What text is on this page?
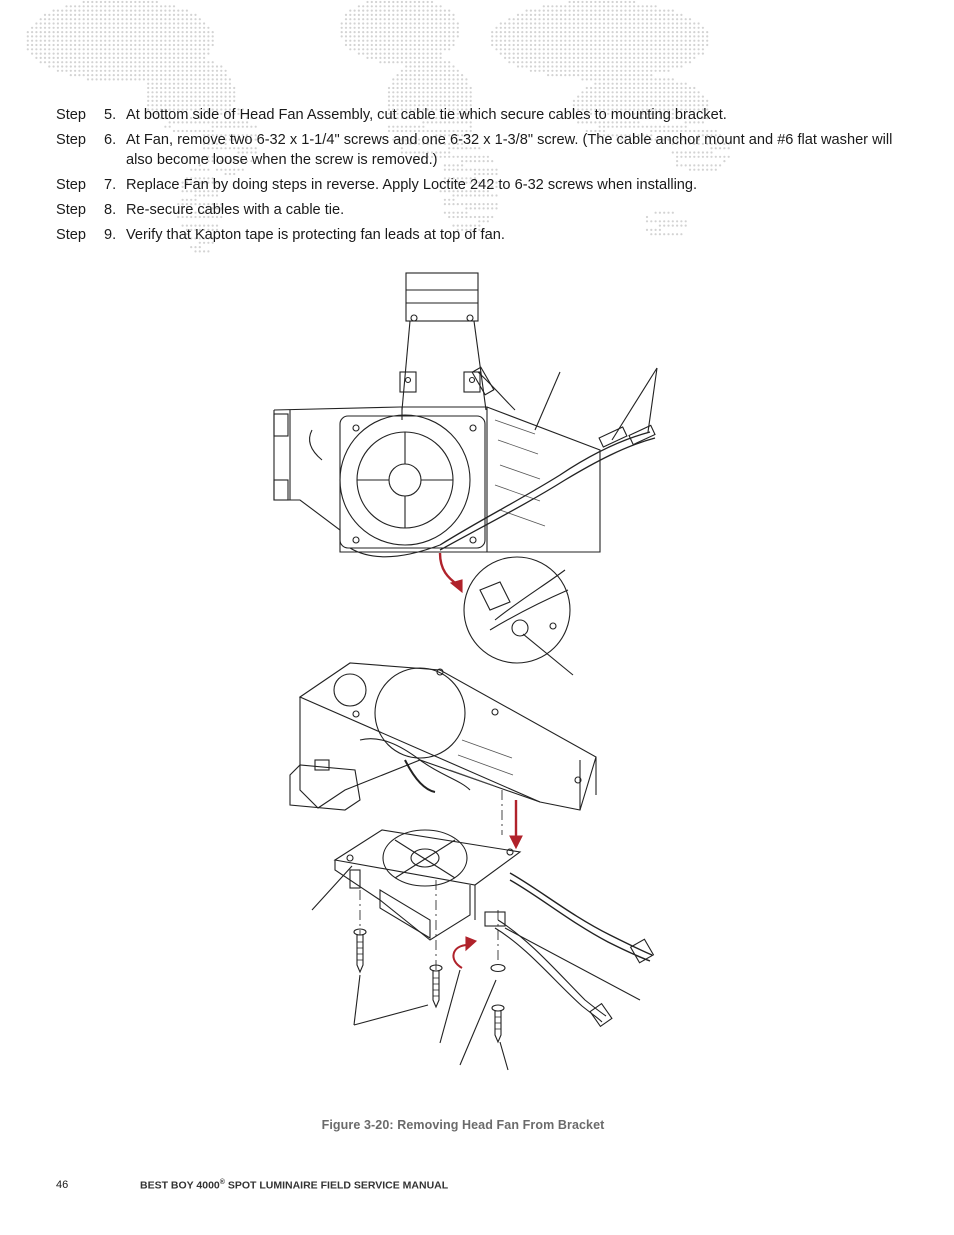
Step	5. At bottom side of Head Fan Assembly, cut cable tie which secure cables to mounting bracket.
Step	6. At Fan, remove two 6-32 x 1-1/4" screws and one 6-32 x 1-3/8" screw. (The cable anchor mount and #6 flat washer will also become loose when the screw is removed.)
Step	7. Replace Fan by doing steps in reverse. Apply Loctite 242 to 6-32 screws when installing.
Step	8. Re-secure cables with a cable tie.
Step	9. Verify that Kapton tape is protecting fan leads at top of fan.
Figure 3-20: Removing Head Fan From Bracket
46	BEST BOY 4000® SPOT LUMINAIRE FIELD SERVICE MANUAL
